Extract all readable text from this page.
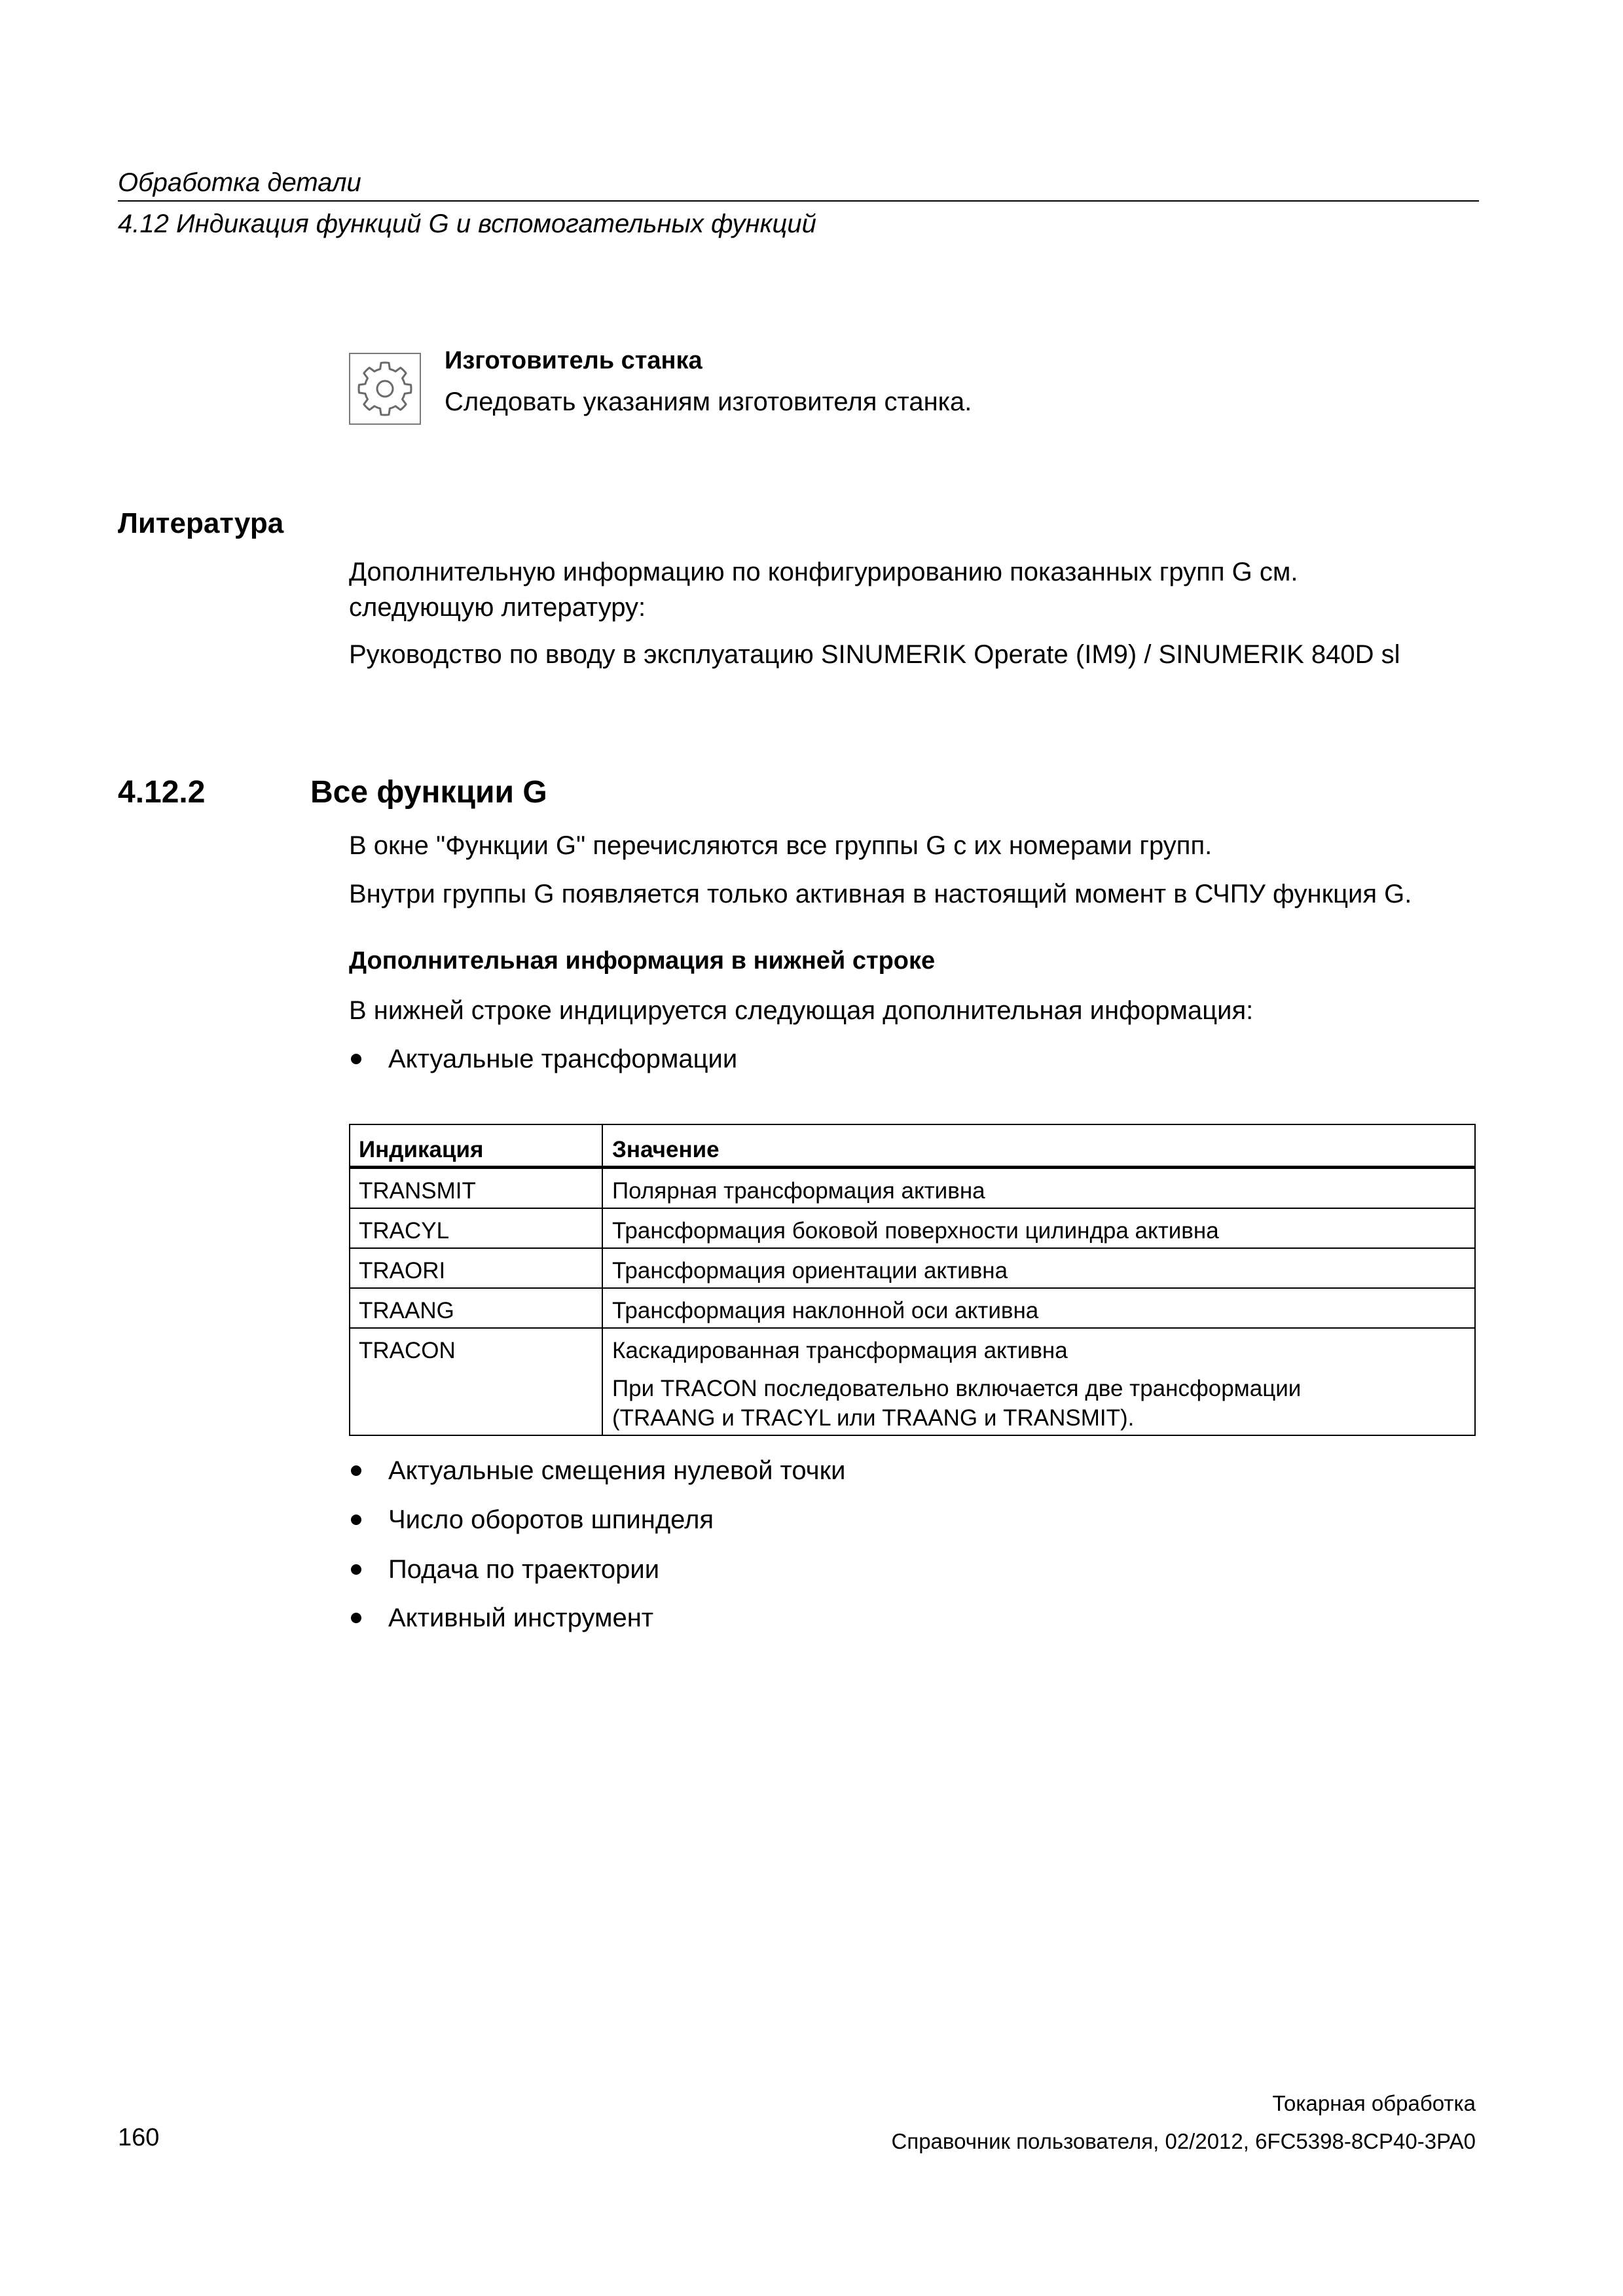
Обработка детали
4.12 Индикация функций G и вспомогательных функций
Изготовитель станка
Следовать указаниям изготовителя станка.
Литература
Дополнительную информацию по конфигурированию показанных групп G см.
следующую литературу:
Руководство по вводу в эксплуатацию SINUMERIK Operate (IM9) / SINUMERIK 840D sl
4.12.2	Все функции G
В окне "Функции G" перечисляются все группы G с их номерами групп.
Внутри группы G появляется только активная в настоящий момент в СЧПУ функция G.
Дополнительная информация в нижней строке
В нижней строке индицируется следующая дополнительная информация:
Актуальные трансформации
Индикация	Значение
TRANSMIT	Полярная трансформация активна
TRACYL	Трансформация боковой поверхности цилиндра активна
TRAORI	Трансформация ориентации активна
TRAANG	Трансформация наклонной оси активна
TRACON	Каскадированная трансформация активна
При TRACON последовательно включается две трансформации
(TRAANG и TRACYL или TRAANG и TRANSMIT).
Актуальные смещения нулевой точки
Число оборотов шпинделя
Подача по траектории
Активный инструмент
Токарная обработка
160	Справочник пользователя, 02/2012, 6FC5398-8CP40-3PA0
